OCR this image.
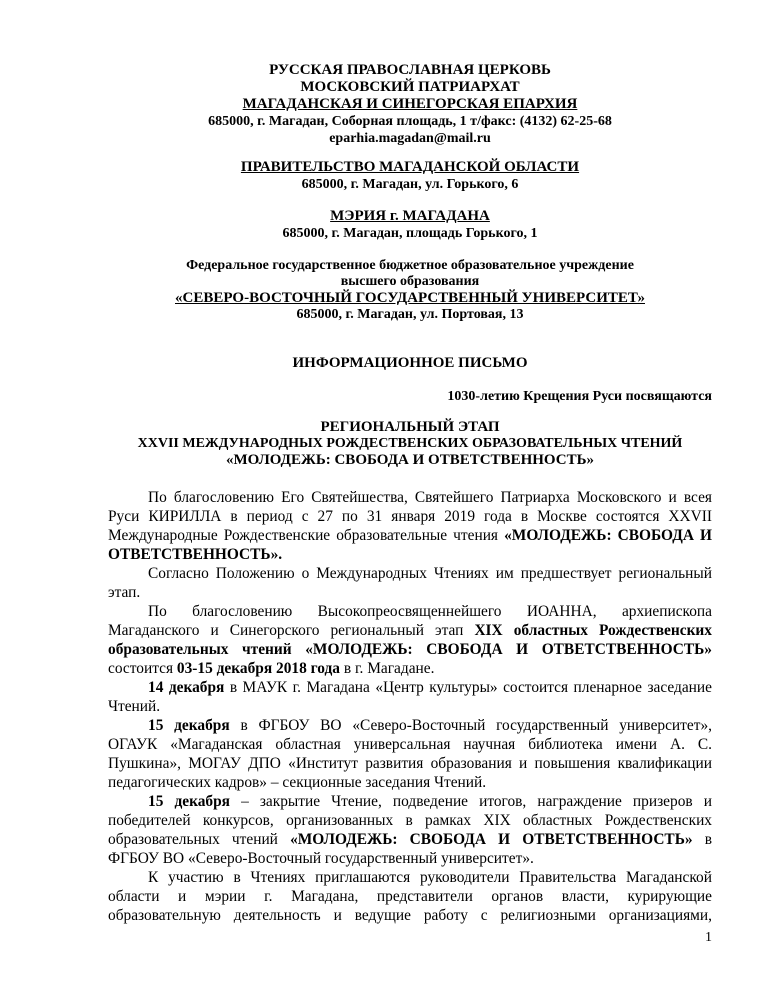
РУССКАЯ ПРАВОСЛАВНАЯ ЦЕРКОВЬ
МОСКОВСКИЙ ПАТРИАРХАТ
МАГАДАНСКАЯ И СИНЕГОРСКАЯ ЕПАРХИЯ
685000, г. Магадан, Соборная площадь, 1 т/факс: (4132) 62-25-68
eparhia.magadan@mail.ru
ПРАВИТЕЛЬСТВО МАГАДАНСКОЙ ОБЛАСТИ
685000, г. Магадан, ул. Горького, 6
МЭРИЯ г. МАГАДАНА
685000, г. Магадан, площадь Горького, 1
Федеральное государственное бюджетное образовательное учреждение
высшего образования
«СЕВЕРО-ВОСТОЧНЫЙ ГОСУДАРСТВЕННЫЙ УНИВЕРСИТЕТ»
685000, г. Магадан, ул. Портовая, 13
ИНФОРМАЦИОННОЕ ПИСЬМО
1030-летию Крещения Руси посвящаются
РЕГИОНАЛЬНЫЙ ЭТАП
XXVII МЕЖДУНАРОДНЫХ РОЖДЕСТВЕНСКИХ ОБРАЗОВАТЕЛЬНЫХ ЧТЕНИЙ
«МОЛОДЕЖЬ: СВОБОДА И ОТВЕТСТВЕННОСТЬ»
По благословению Его Святейшества, Святейшего Патриарха Московского и всея
Руси КИРИЛЛА в период с 27 по 31 января 2019 года в Москве состоятся XXVII
Международные Рождественские образовательные чтения «МОЛОДЕЖЬ: СВОБОДА И
ОТВЕТСТВЕННОСТЬ».
Согласно Положению о Международных Чтениях им предшествует региональный
этап.
По благословению Высокопреосвященнейшего ИОАННА, архиепископа
Магаданского и Синегорского региональный этап XIX областных Рождественских
образовательных чтений «МОЛОДЕЖЬ: СВОБОДА И ОТВЕТСТВЕННОСТЬ»
состоится 03-15 декабря 2018 года в г. Магадане.
14 декабря в МАУК г. Магадана «Центр культуры» состоится пленарное заседание
Чтений.
15 декабря в ФГБОУ ВО «Северо-Восточный государственный университет»,
ОГАУК «Магаданская областная универсальная научная библиотека имени А. С.
Пушкина», МОГАУ ДПО «Институт развития образования и повышения квалификации
педагогических кадров» – секционные заседания Чтений.
15 декабря – закрытие Чтение, подведение итогов, награждение призеров и
победителей конкурсов, организованных в рамках XIX областных Рождественских
образовательных чтений «МОЛОДЕЖЬ: СВОБОДА И ОТВЕТСТВЕННОСТЬ» в
ФГБОУ ВО «Северо-Восточный государственный университет».
К участию в Чтениях приглашаются руководители Правительства Магаданской
области и мэрии г. Магадана, представители органов власти, курирующие
образовательную деятельность и ведущие работу с религиозными организациями,
1
